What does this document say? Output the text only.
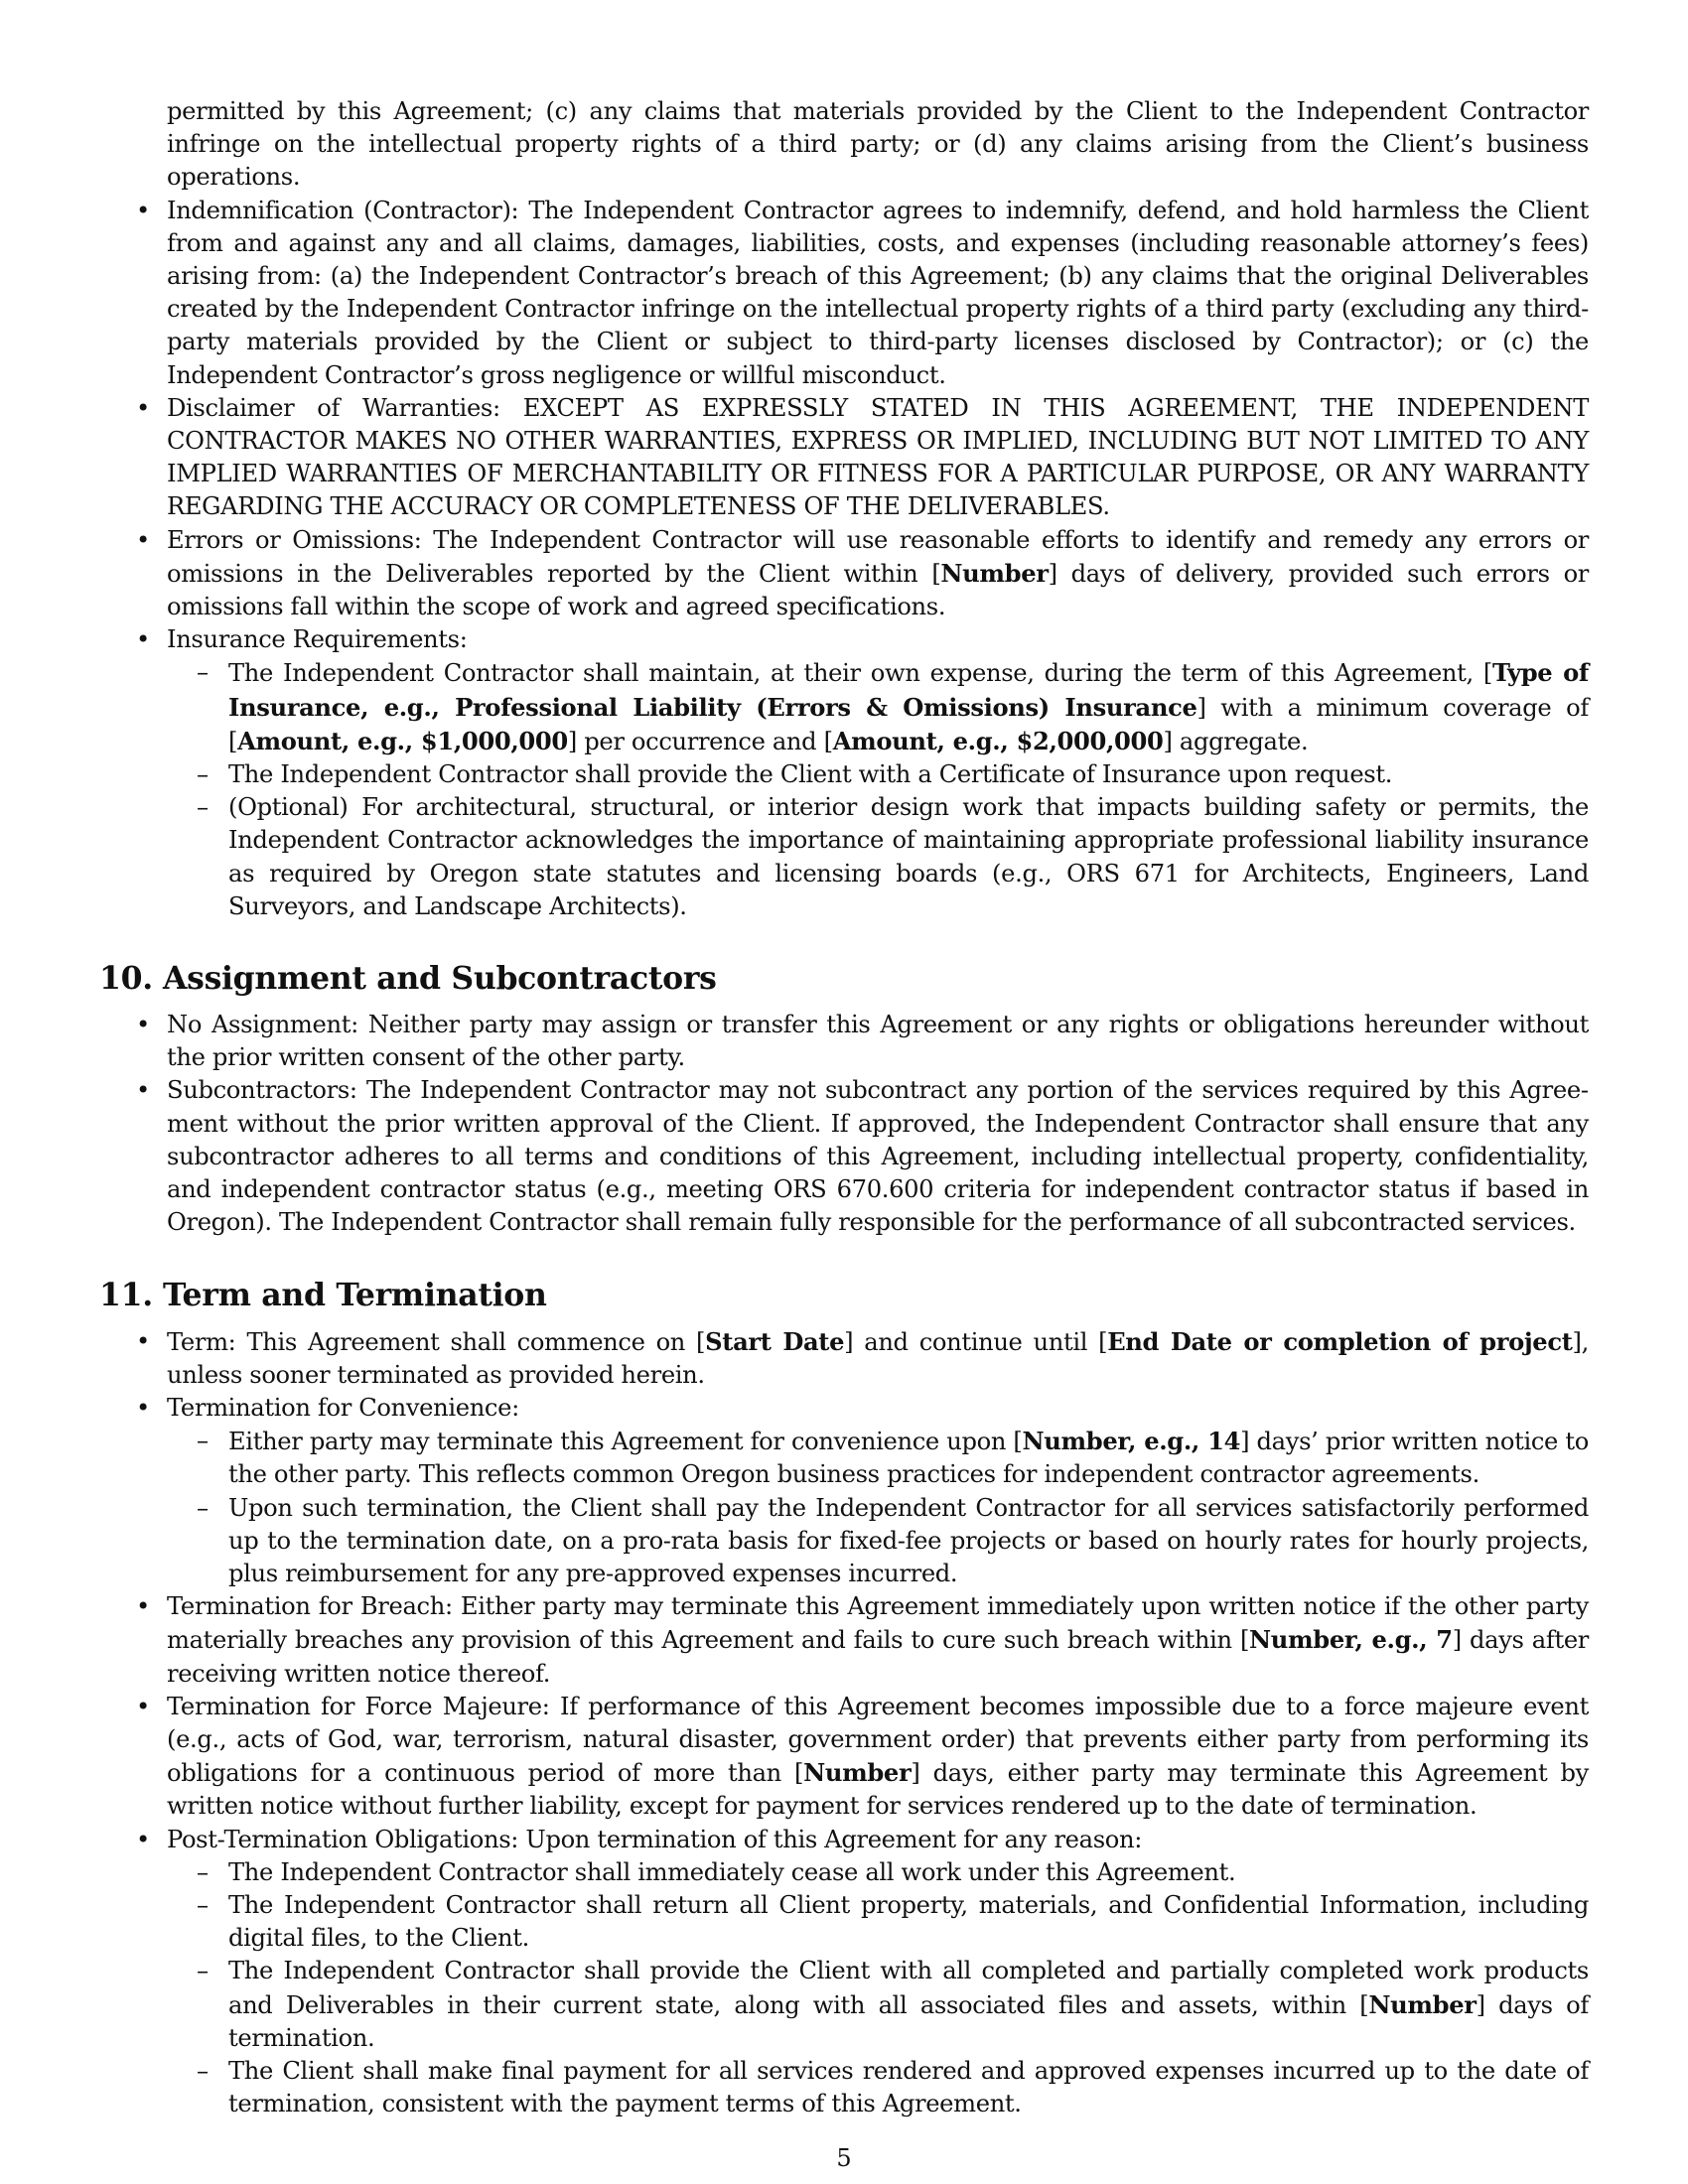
permitted by this Agreement; (c) any claims that materials provided by the Client to the Independent Contractor infringe on the intellectual property rights of a third party; or (d) any claims arising from the Client’s business operations.

• Indemnification (Contractor): The Independent Contractor agrees to indemnify, defend, and hold harmless the Client from and against any and all claims, damages, liabilities, costs, and expenses (including reasonable attorney’s fees) arising from: (a) the Independent Contractor’s breach of this Agreement; (b) any claims that the original Deliverables created by the Independent Contractor infringe on the intellectual property rights of a third party (excluding any third-party materials provided by the Client or subject to third-party licenses disclosed by Contractor); or (c) the Independent Contractor’s gross negligence or willful misconduct.
• Disclaimer of Warranties: EXCEPT AS EXPRESSLY STATED IN THIS AGREEMENT, THE INDEPENDENT CONTRACTOR MAKES NO OTHER WARRANTIES, EXPRESS OR IMPLIED, INCLUDING BUT NOT LIMITED TO ANY IMPLIED WARRANTIES OF MERCHANTABILITY OR FITNESS FOR A PARTICULAR PURPOSE, OR ANY WARRANTY REGARDING THE ACCURACY OR COMPLETENESS OF THE DELIVERABLES.
• Errors or Omissions: The Independent Contractor will use reasonable efforts to identify and remedy any errors or omissions in the Deliverables reported by the Client within [Number] days of delivery, provided such errors or omissions fall within the scope of work and agreed specifications.
• Insurance Requirements:
– The Independent Contractor shall maintain, at their own expense, during the term of this Agreement, [Type of Insurance, e.g., Professional Liability (Errors & Omissions) Insurance] with a minimum coverage of [Amount, e.g., $1,000,000] per occurrence and [Amount, e.g., $2,000,000] aggregate.
– The Independent Contractor shall provide the Client with a Certificate of Insurance upon request.
– (Optional) For architectural, structural, or interior design work that impacts building safety or permits, the Independent Contractor acknowledges the importance of maintaining appropriate professional liability insurance as required by Oregon state statutes and licensing boards (e.g., ORS 671 for Architects, Engineers, Land Surveyors, and Landscape Architects).
10. Assignment and Subcontractors
• No Assignment: Neither party may assign or transfer this Agreement or any rights or obligations hereunder without the prior written consent of the other party.
• Subcontractors: The Independent Contractor may not subcontract any portion of the services required by this Agreement without the prior written approval of the Client. If approved, the Independent Contractor shall ensure that any subcontractor adheres to all terms and conditions of this Agreement, including intellectual property, confidentiality, and independent contractor status (e.g., meeting ORS 670.600 criteria for independent contractor status if based in Oregon). The Independent Contractor shall remain fully responsible for the performance of all subcontracted services.
11. Term and Termination
• Term: This Agreement shall commence on [Start Date] and continue until [End Date or completion of project], unless sooner terminated as provided herein.
• Termination for Convenience:
– Either party may terminate this Agreement for convenience upon [Number, e.g., 14] days’ prior written notice to the other party. This reflects common Oregon business practices for independent contractor agreements.
– Upon such termination, the Client shall pay the Independent Contractor for all services satisfactorily performed up to the termination date, on a pro-rata basis for fixed-fee projects or based on hourly rates for hourly projects, plus reimbursement for any pre-approved expenses incurred.
• Termination for Breach: Either party may terminate this Agreement immediately upon written notice if the other party materially breaches any provision of this Agreement and fails to cure such breach within [Number, e.g., 7] days after receiving written notice thereof.
• Termination for Force Majeure: If performance of this Agreement becomes impossible due to a force majeure event (e.g., acts of God, war, terrorism, natural disaster, government order) that prevents either party from performing its obligations for a continuous period of more than [Number] days, either party may terminate this Agreement by written notice without further liability, except for payment for services rendered up to the date of termination.
• Post-Termination Obligations: Upon termination of this Agreement for any reason:
– The Independent Contractor shall immediately cease all work under this Agreement.
– The Independent Contractor shall return all Client property, materials, and Confidential Information, including digital files, to the Client.
– The Independent Contractor shall provide the Client with all completed and partially completed work products and Deliverables in their current state, along with all associated files and assets, within [Number] days of termination.
– The Client shall make final payment for all services rendered and approved expenses incurred up to the date of termination, consistent with the payment terms of this Agreement.
5
